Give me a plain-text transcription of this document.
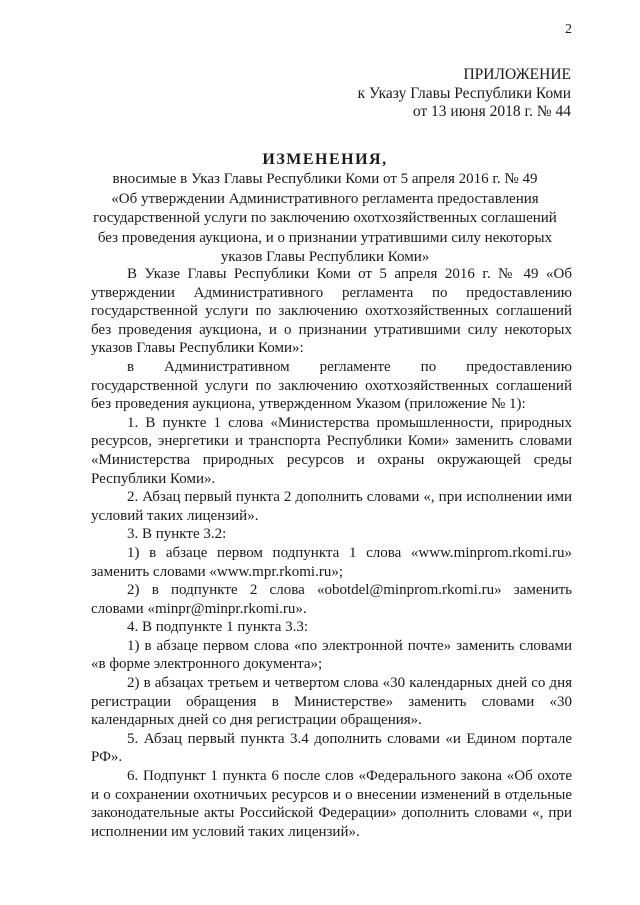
2
ПРИЛОЖЕНИЕ
к Указу Главы Республики Коми
от 13 июня 2018 г. № 44
ИЗМЕНЕНИЯ,
вносимые в Указ Главы Республики Коми от 5 апреля 2016 г. № 49
«Об утверждении Административного регламента предоставления
государственной услуги по заключению охотхозяйственных соглашений
без проведения аукциона, и о признании утратившими силу некоторых
указов Главы Республики Коми»

В Указе Главы Республики Коми от 5 апреля 2016 г. № 49 «Об утверждении Административного регламента по предоставлению государственной услуги по заключению охотхозяйственных соглашений без проведения аукциона, и о признании утратившими силу некоторых указов Главы Республики Коми»:

в Административном регламенте по предоставлению государственной услуги по заключению охотхозяйственных соглашений без проведения аукциона, утвержденном Указом (приложение № 1):

1. В пункте 1 слова «Министерства промышленности, природных ресурсов, энергетики и транспорта Республики Коми» заменить словами «Министерства природных ресурсов и охраны окружающей среды Республики Коми».

2. Абзац первый пункта 2 дополнить словами «, при исполнении ими условий таких лицензий».

3. В пункте 3.2:

1) в абзаце первом подпункта 1 слова «www.minprom.rkomi.ru» заменить словами «www.mpr.rkomi.ru»;

2) в подпункте 2 слова «obotdel@minprom.rkomi.ru» заменить словами «minpr@minpr.rkomi.ru».

4. В подпункте 1 пункта 3.3:

1) в абзаце первом слова «по электронной почте» заменить словами «в форме электронного документа»;

2) в абзацах третьем и четвертом слова «30 календарных дней со дня регистрации обращения в Министерстве» заменить словами «30 календарных дней со дня регистрации обращения».

5. Абзац первый пункта 3.4 дополнить словами «и Едином портале РФ».

6. Подпункт 1 пункта 6 после слов «Федерального закона «Об охоте и о сохранении охотничьих ресурсов и о внесении изменений в отдельные законодательные акты Российской Федерации» дополнить словами «, при исполнении им условий таких лицензий».
